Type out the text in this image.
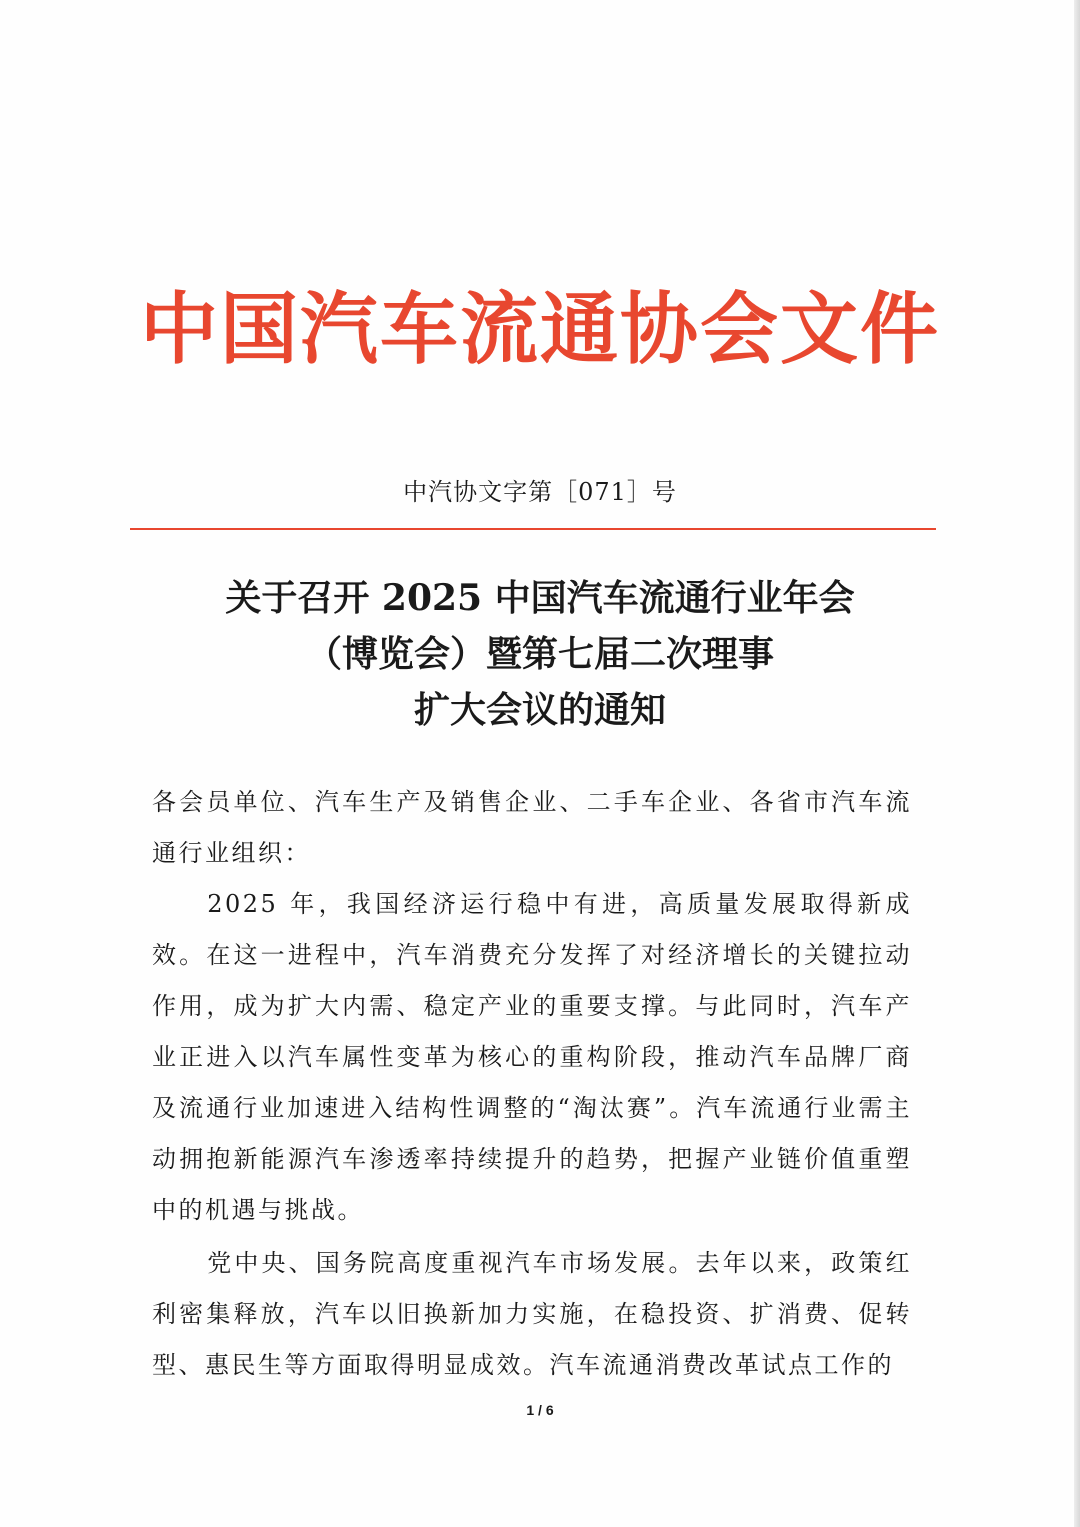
中国汽车流通协会文件
中汽协文字第［071］号
关于召开 2025 中国汽车流通行业年会
（博览会）暨第七届二次理事
扩大会议的通知

各会员单位、汽车生产及销售企业、二手车企业、各省市汽车流通行业组织：

2025 年，我国经济运行稳中有进，高质量发展取得新成效。在这一进程中，汽车消费充分发挥了对经济增长的关键拉动作用，成为扩大内需、稳定产业的重要支撑。与此同时，汽车产业正进入以汽车属性变革为核心的重构阶段，推动汽车品牌厂商及流通行业加速进入结构性调整的“淘汰赛”。汽车流通行业需主动拥抱新能源汽车渗透率持续提升的趋势，把握产业链价值重塑中的机遇与挑战。

党中央、国务院高度重视汽车市场发展。去年以来，政策红利密集释放，汽车以旧换新加力实施，在稳投资、扩消费、促转型、惠民生等方面取得明显成效。汽车流通消费改革试点工作的

1 / 6
